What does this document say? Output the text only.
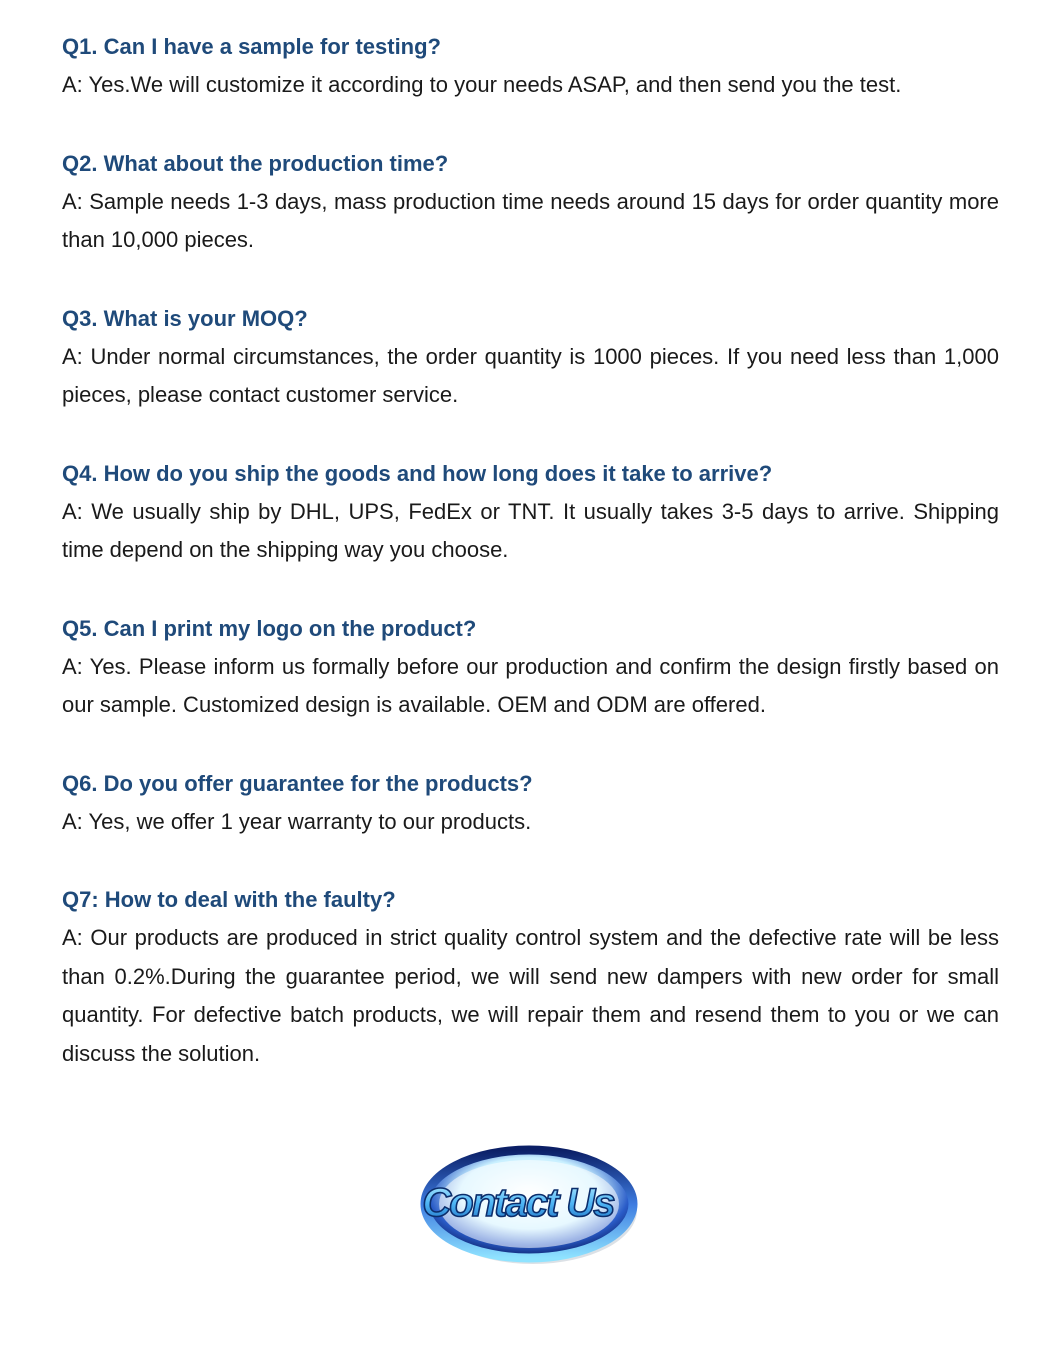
Q1. Can I have a sample for testing?

A: Yes.We will customize it according to your needs ASAP, and then send you the test.

Q2. What about the production time?

A: Sample needs 1-3 days, mass production time needs around 15 days for order quantity more than 10,000 pieces.

Q3. What is your MOQ?

A: Under normal circumstances, the order quantity is 1000 pieces. If you need less than 1,000 pieces, please contact customer service.

Q4. How do you ship the goods and how long does it take to arrive?

A: We usually ship by DHL, UPS, FedEx or TNT. It usually takes 3-5 days to arrive. Shipping time depend on the shipping way you choose.

Q5. Can I print my logo on the product?

A: Yes. Please inform us formally before our production and confirm the design firstly based on our sample. Customized design is available. OEM and ODM are offered.

Q6. Do you offer guarantee for the products?

A: Yes, we offer 1 year warranty to our products.

Q7: How to deal with the faulty?

A: Our products are produced in strict quality control system and the defective rate will be less than 0.2%.During the guarantee period, we will send new dampers with new order for small quantity. For defective batch products, we will repair them and resend them to you or we can discuss the solution.

Contact Us
